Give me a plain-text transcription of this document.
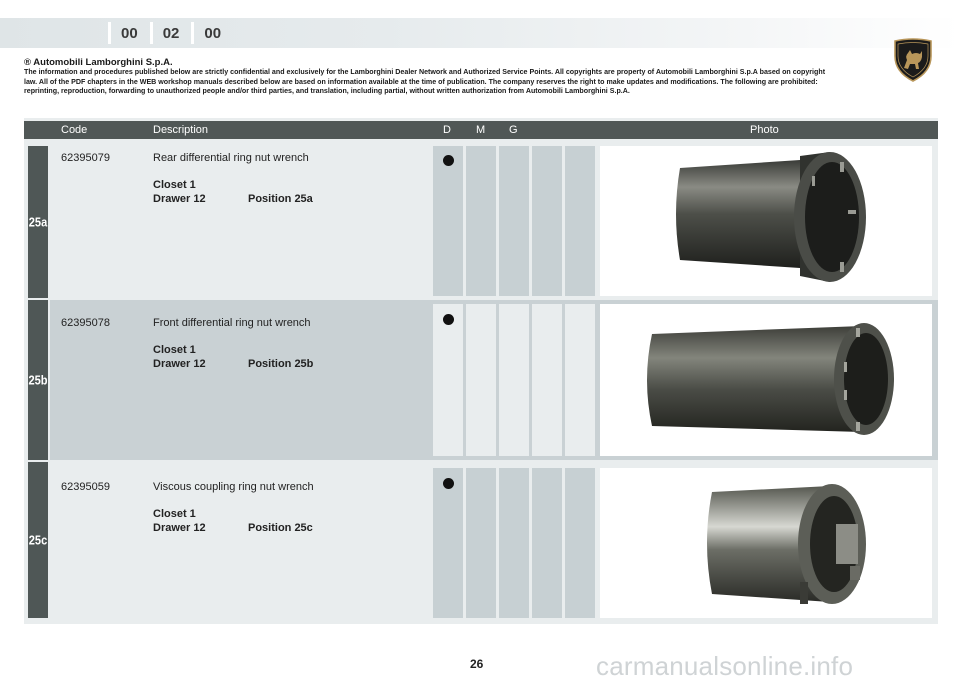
00	02	00
® Automobili Lamborghini S.p.A.
The information and procedures published below are strictly confidential and exclusively for the Lamborghini Dealer Network and Authorized Service Points. All copyrights are property of Automobili Lamborghini S.p.A based on copyright law. All of the PDF chapters in the WEB workshop manuals described below are based on information available at the time of publication. The company reserves the right to make updates and modifications. The following are prohibited: reprinting, reproduction, forwarding to unauthorized people and/or third parties, and translation, including partial, without written authorization from Automobili Lamborghini S.p.A.
Code	Description	D M G	Photo
25a
62395079	Rear differential ring nut wrench
Closet 1
Drawer 12	Position 25a
25b
62395078	Front differential ring nut wrench
Closet 1
Drawer 12	Position 25b
25c
62395059	Viscous coupling ring nut wrench
Closet 1
Drawer 12	Position 25c
26	carmanualsonline.info
